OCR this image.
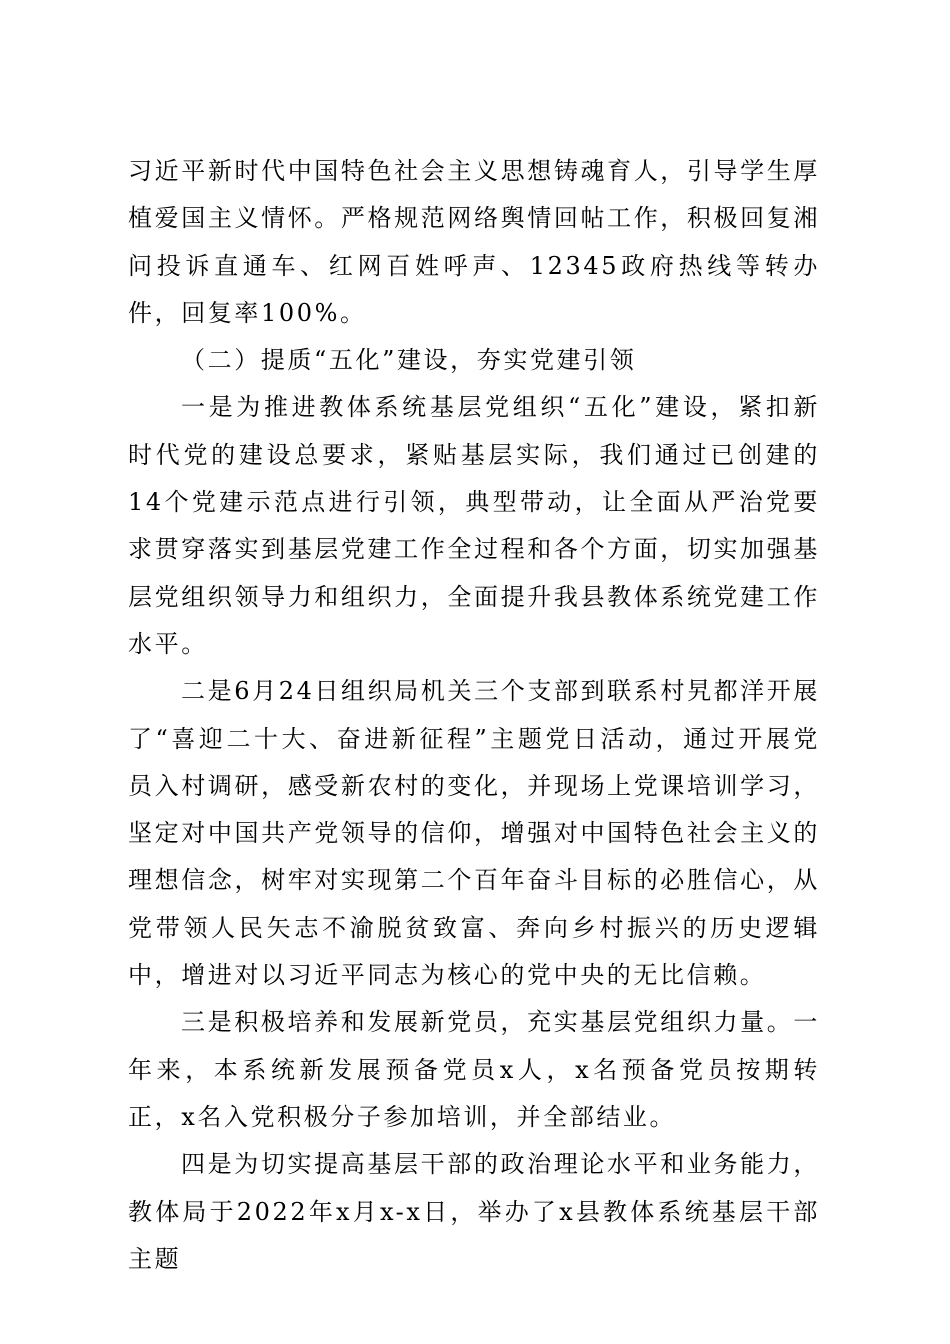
习近平新时代中国特色社会主义思想铸魂育人，引导学生厚植爱国主义情怀。严格规范网络舆情回帖工作，积极回复湘问投诉直通车、红网百姓呼声、12345政府热线等转办件，回复率100%。

（二）提质“五化”建设，夯实党建引领

一是为推进教体系统基层党组织“五化”建设，紧扣新时代党的建设总要求，紧贴基层实际，我们通过已创建的14个党建示范点进行引领，典型带动，让全面从严治党要求贯穿落实到基层党建工作全过程和各个方面，切实加强基层党组织领导力和组织力，全面提升我县教体系统党建工作水平。

二是6月24日组织局机关三个支部到联系村旯都洋开展了“喜迎二十大、奋进新征程”主题党日活动，通过开展党员入村调研，感受新农村的变化，并现场上党课培训学习，坚定对中国共产党领导的信仰，增强对中国特色社会主义的理想信念，树牢对实现第二个百年奋斗目标的必胜信心，从党带领人民矢志不渝脱贫致富、奔向乡村振兴的历史逻辑中，增进对以习近平同志为核心的党中央的无比信赖。

三是积极培养和发展新党员，充实基层党组织力量。一年来，本系统新发展预备党员x人，x名预备党员按期转正，x名入党积极分子参加培训，并全部结业。

四是为切实提高基层干部的政治理论水平和业务能力，教体局于2022年x月x-x日，举办了x县教体系统基层干部主题
